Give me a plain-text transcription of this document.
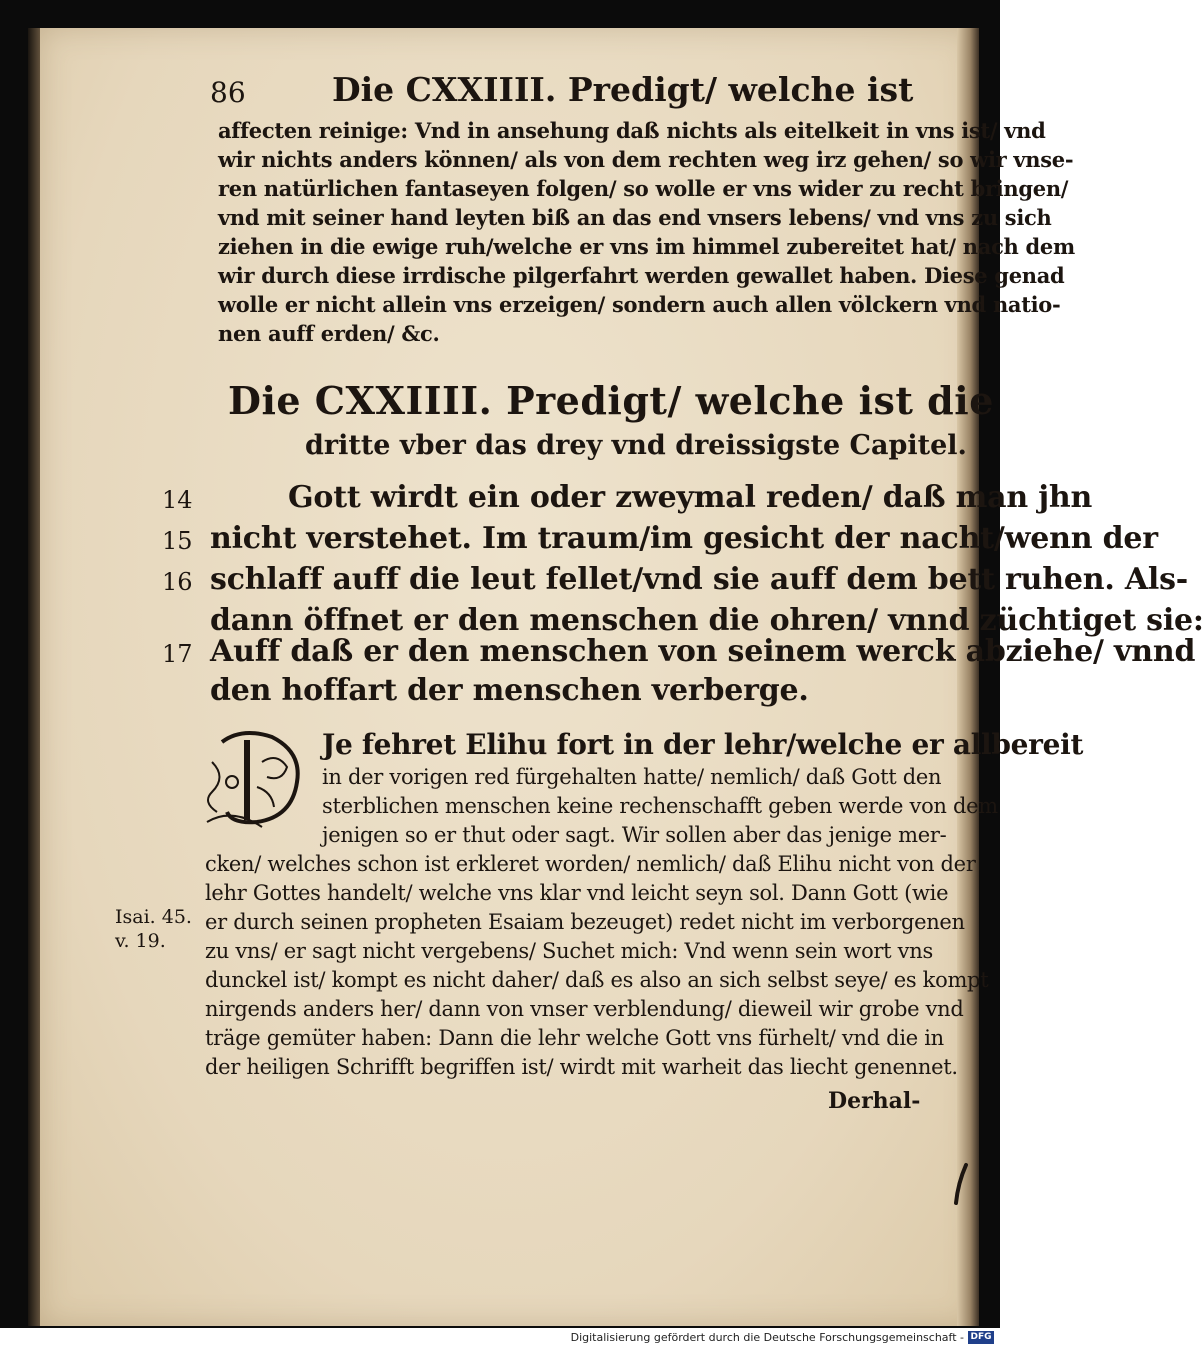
86	Die CXXIIII. Predigt/ welche ist
affecten reinige: Vnd in ansehung daß nichts als eitelkeit in vns ist/ vnd
wir nichts anders können/ als von dem rechten weg irz gehen/ so wir vnse-
ren natürlichen fantaseyen folgen/ so wolle er vns wider zu recht bringen/
vnd mit seiner hand leyten biß an das end vnsers lebens/ vnd vns zu sich
ziehen in die ewige ruh/welche er vns im himmel zubereitet hat/ nach dem
wir durch diese irrdische pilgerfahrt werden gewallet haben. Diese genad
wolle er nicht allein vns erzeigen/ sondern auch allen völckern vnd natio-
nen auff erden/ &c.
Die CXXIIII. Predigt/ welche ist die
dritte vber das drey vnd dreissigste Capitel.
14	Gott wirdt ein oder zweymal reden/ daß man jhn
15 nicht verstehet. Im traum/im gesicht der nacht/wenn der
16 schlaff auff die leut fellet/vnd sie auff dem bett ruhen. Als-
dann öffnet er den menschen die ohren/ vnnd züchtiget sie:
17 Auff daß er den menschen von seinem werck abziehe/ vnnd
den hoffart der menschen verberge.
Je fehret Elihu fort in der lehr/welche er allbereit
in der vorigen red fürgehalten hatte/ nemlich/ daß Gott den
sterblichen menschen keine rechenschafft geben werde von dem
jenigen so er thut oder sagt. Wir sollen aber das jenige mer-
cken/ welches schon ist erkleret worden/ nemlich/ daß Elihu nicht von der
lehr Gottes handelt/ welche vns klar vnd leicht seyn sol. Dann Gott (wie
er durch seinen propheten Esaiam bezeuget) redet nicht im verborgenen
zu vns/ er sagt nicht vergebens/ Suchet mich: Vnd wenn sein wort vns
dunckel ist/ kompt es nicht daher/ daß es also an sich selbst seye/ es kompt
nirgends anders her/ dann von vnser verblendung/ dieweil wir grobe vnd
träge gemüter haben: Dann die lehr welche Gott vns fürhelt/ vnd die in
der heiligen Schrifft begriffen ist/ wirdt mit warheit das liecht genennet.
Isai. 45.
v. 19.
Derhal-
Digitalisierung gefördert durch die Deutsche Forschungsgemeinschaft - DFG
